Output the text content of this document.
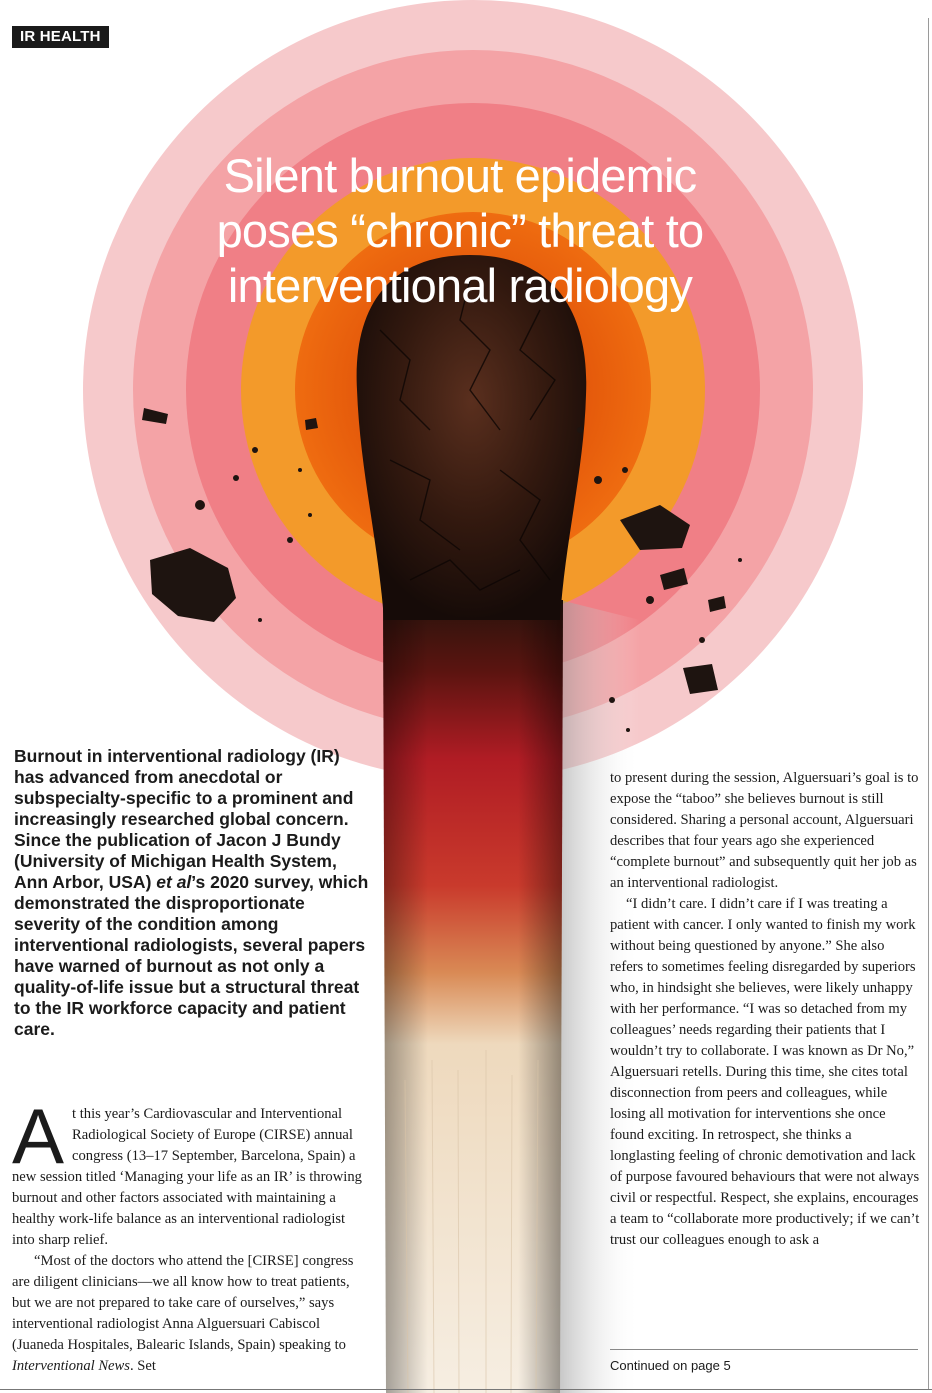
IR HEALTH
Silent burnout epidemic poses “chronic” threat to interventional radiology
Burnout in interventional radiology (IR) has advanced from anecdotal or subspecialty-specific to a prominent and increasingly researched global concern. Since the publication of Jacon J Bundy (University of Michigan Health System, Ann Arbor, USA) et al’s 2020 survey, which demonstrated the disproportionate severity of the condition among interventional radiologists, several papers have warned of burnout as not only a quality-of-life issue but a structural threat to the IR workforce capacity and patient care.

At this year’s Cardiovascular and Interventional Radiological Society of Europe (CIRSE) annual congress (13–17 September, Barcelona, Spain) a new session titled ‘Managing your life as an IR’ is throwing burnout and other factors associated with maintaining a healthy work-life balance as an interventional radiologist into sharp relief.

“Most of the doctors who attend the [CIRSE] congress are diligent clinicians—we all know how to treat patients, but we are not prepared to take care of ourselves,” says interventional radiologist Anna Alguersuari Cabiscol (Juaneda Hospitales, Balearic Islands, Spain) speaking to Interventional News. Set

to present during the session, Alguersuari’s goal is to expose the “taboo” she believes burnout is still considered. Sharing a personal account, Alguersuari describes that four years ago she experienced “complete burnout” and subsequently quit her job as an interventional radiologist.

“I didn’t care. I didn’t care if I was treating a patient with cancer. I only wanted to finish my work without being questioned by anyone.” She also refers to sometimes feeling disregarded by superiors who, in hindsight she believes, were likely unhappy with her performance. “I was so detached from my colleagues’ needs regarding their patients that I wouldn’t try to collaborate. I was known as Dr No,” Alguersuari retells. During this time, she cites total disconnection from peers and colleagues, while losing all motivation for interventions she once found exciting. In retrospect, she thinks a longlasting feeling of chronic demotivation and lack of purpose favoured behaviours that were not always civil or respectful. Respect, she explains, encourages a team to “collaborate more productively; if we can’t trust our colleagues enough to ask a

Continued on page 5
